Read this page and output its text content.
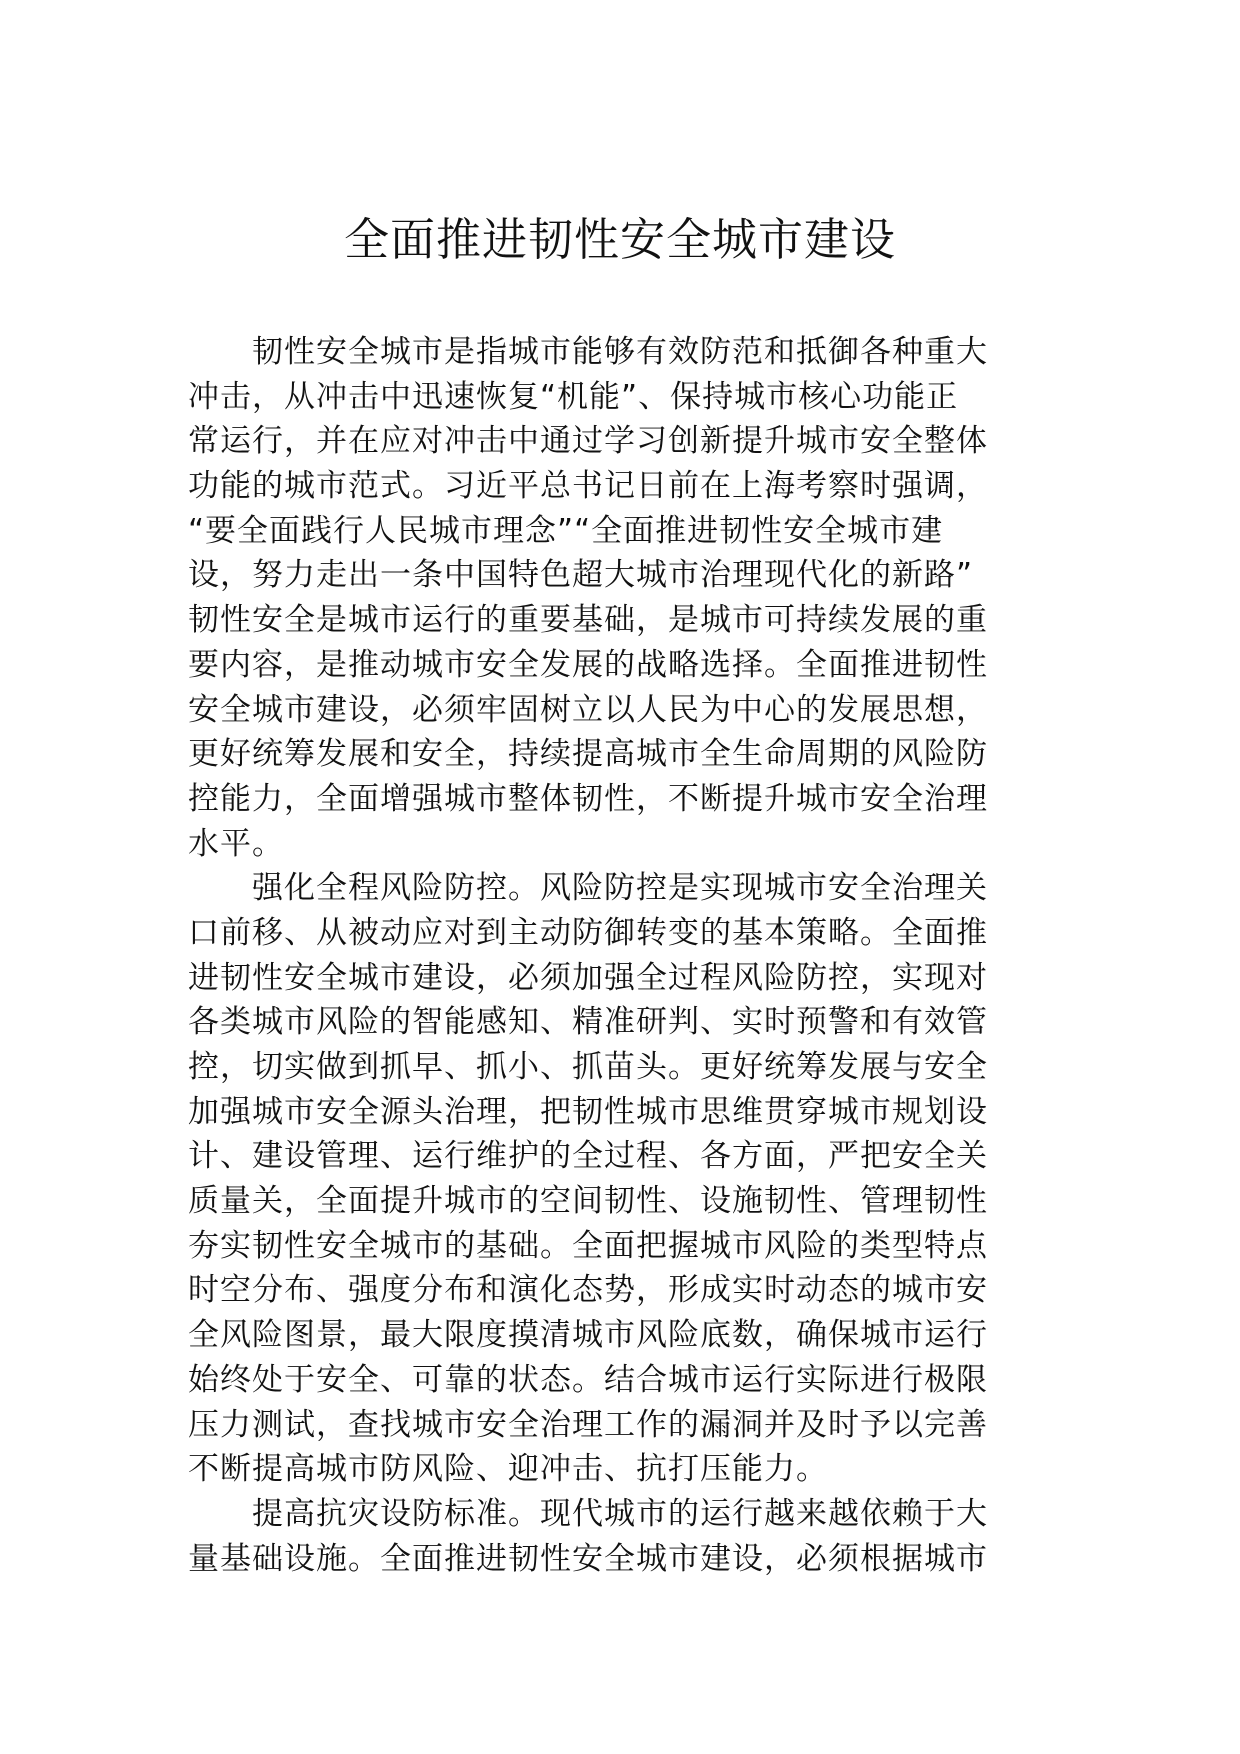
全面推进韧性安全城市建设
　　韧性安全城市是指城市能够有效防范和抵御各种重大
冲击，从冲击中迅速恢复“机能”、保持城市核心功能正
常运行，并在应对冲击中通过学习创新提升城市安全整体
功能的城市范式。习近平总书记日前在上海考察时强调，
“要全面践行人民城市理念”“全面推进韧性安全城市建
设，努力走出一条中国特色超大城市治理现代化的新路”
韧性安全是城市运行的重要基础，是城市可持续发展的重
要内容，是推动城市安全发展的战略选择。全面推进韧性
安全城市建设，必须牢固树立以人民为中心的发展思想，
更好统筹发展和安全，持续提高城市全生命周期的风险防
控能力，全面增强城市整体韧性，不断提升城市安全治理
水平。
　　强化全程风险防控。风险防控是实现城市安全治理关
口前移、从被动应对到主动防御转变的基本策略。全面推
进韧性安全城市建设，必须加强全过程风险防控，实现对
各类城市风险的智能感知、精准研判、实时预警和有效管
控，切实做到抓早、抓小、抓苗头。更好统筹发展与安全
加强城市安全源头治理，把韧性城市思维贯穿城市规划设
计、建设管理、运行维护的全过程、各方面，严把安全关
质量关，全面提升城市的空间韧性、设施韧性、管理韧性
夯实韧性安全城市的基础。全面把握城市风险的类型特点
时空分布、强度分布和演化态势，形成实时动态的城市安
全风险图景，最大限度摸清城市风险底数，确保城市运行
始终处于安全、可靠的状态。结合城市运行实际进行极限
压力测试，查找城市安全治理工作的漏洞并及时予以完善
不断提高城市防风险、迎冲击、抗打压能力。
　　提高抗灾设防标准。现代城市的运行越来越依赖于大
量基础设施。全面推进韧性安全城市建设，必须根据城市
